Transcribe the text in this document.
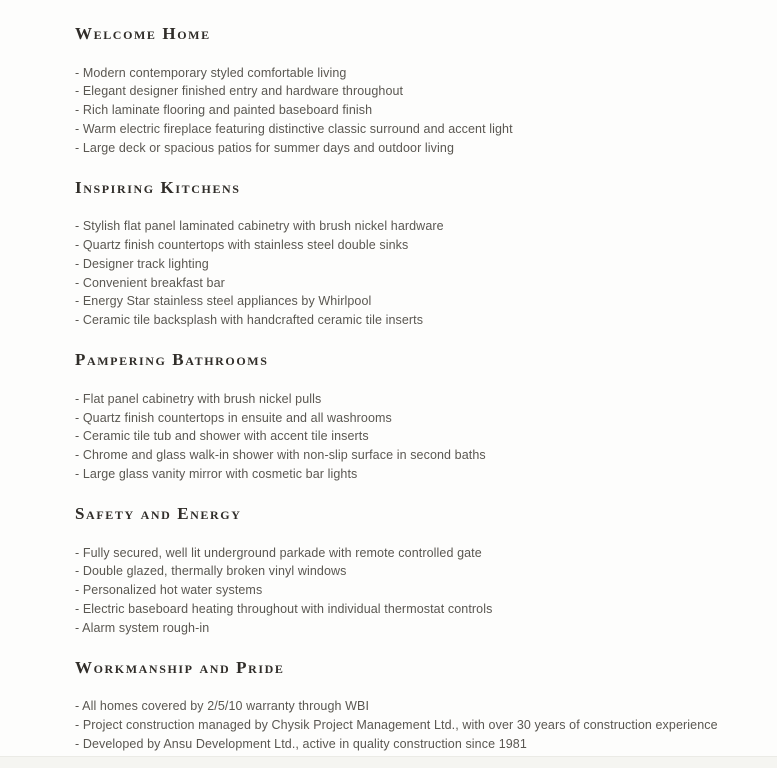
Welcome Home
- Modern contemporary styled comfortable living
- Elegant designer finished entry and hardware throughout
- Rich laminate flooring and painted baseboard finish
- Warm electric fireplace featuring distinctive classic surround and accent light
- Large deck or spacious patios for summer days and outdoor living
Inspiring Kitchens
- Stylish flat panel laminated cabinetry with brush nickel hardware
- Quartz finish countertops with stainless steel double sinks
- Designer track lighting
- Convenient breakfast bar
- Energy Star stainless steel appliances by Whirlpool
- Ceramic tile backsplash with handcrafted ceramic tile inserts
Pampering Bathrooms
- Flat panel cabinetry with brush nickel pulls
- Quartz finish countertops in ensuite and all washrooms
- Ceramic tile tub and shower with accent tile inserts
- Chrome and glass walk-in shower with non-slip surface in second baths
- Large glass vanity mirror with cosmetic bar lights
Safety and Energy
- Fully secured, well lit underground parkade with remote controlled gate
- Double glazed, thermally broken vinyl windows
- Personalized hot water systems
- Electric baseboard heating throughout with individual thermostat controls
- Alarm system rough-in
Workmanship and Pride
- All homes covered by 2/5/10 warranty through WBI
- Project construction managed by Chysik Project Management Ltd., with over 30 years of construction experience
- Developed by Ansu Development Ltd., active in quality construction since 1981
